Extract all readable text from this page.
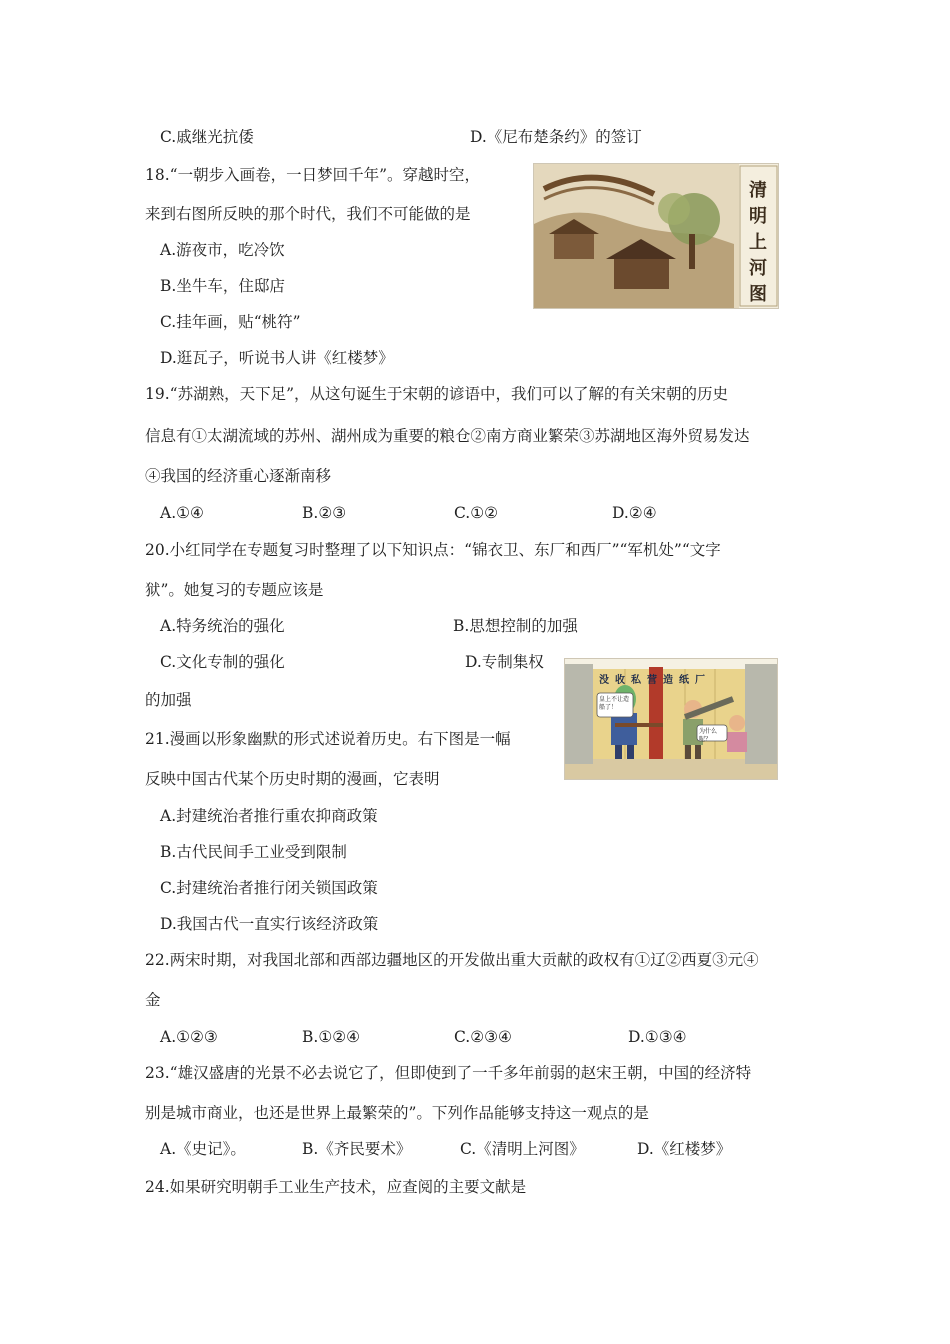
C.戚继光抗倭	D.《尼布楚条约》的签订
18.“一朝步入画卷，一日梦回千年”。穿越时空，
来到右图所反映的那个时代，我们不可能做的是
A.游夜市，吃冷饮
B.坐牛车，住邸店
C.挂年画，贴“桃符”
D.逛瓦子，听说书人讲《红楼梦》
清明上河图
19.“苏湖熟，天下足”，从这句诞生于宋朝的谚语中，我们可以了解的有关宋朝的历史
信息有①太湖流域的苏州、湖州成为重要的粮仓②南方商业繁荣③苏湖地区海外贸易发达
④我国的经济重心逐渐南移
A.①④	B.②③	C.①②	D.②④
20.小红同学在专题复习时整理了以下知识点：“锦衣卫、东厂和西厂”“军机处”“文字
狱”。她复习的专题应该是
A.特务统治的强化	B.思想控制的加强
C.文化专制的强化	D.专制集权
的加强
没收私营造纸厂
皇上不让造船了！
为什么呢？
21.漫画以形象幽默的形式述说着历史。右下图是一幅
反映中国古代某个历史时期的漫画，它表明
A.封建统治者推行重农抑商政策
B.古代民间手工业受到限制
C.封建统治者推行闭关锁国政策
D.我国古代一直实行该经济政策
22.两宋时期，对我国北部和西部边疆地区的开发做出重大贡献的政权有①辽②西夏③元④
金
A.①②③	B.①②④	C.②③④	D.①③④
23.“雄汉盛唐的光景不必去说它了，但即使到了一千多年前弱的赵宋王朝，中国的经济特
别是城市商业，也还是世界上最繁荣的”。下列作品能够支持这一观点的是
A.《史记》。	B.《齐民要术》	C.《清明上河图》	D.《红楼梦》
24.如果研究明朝手工业生产技术，应查阅的主要文献是
